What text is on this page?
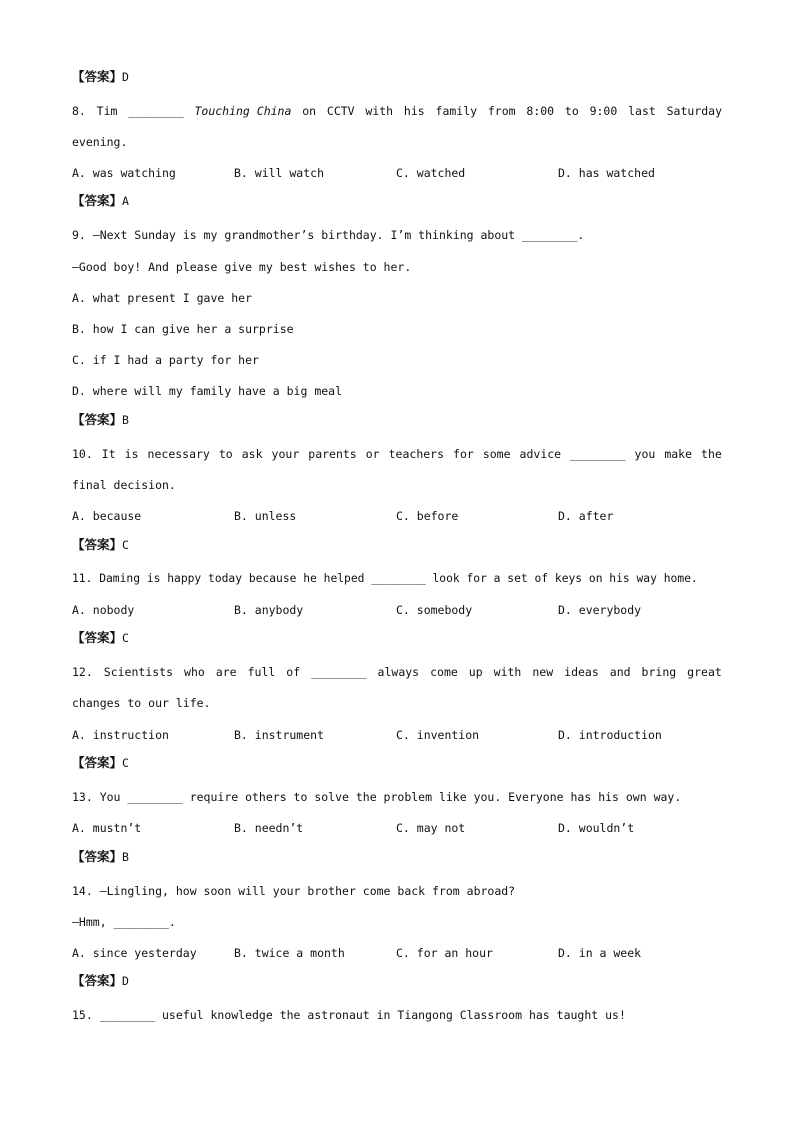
【答案】D
8. Tim ________ Touching China on CCTV with his family from 8:00 to 9:00 last Saturday
evening.
A. was watching	B. will watch	C. watched	D. has watched
【答案】A
9. —Next Sunday is my grandmother’s birthday. I’m thinking about ________.
—Good boy! And please give my best wishes to her.
A. what present I gave her
B. how I can give her a surprise
C. if I had a party for her
D. where will my family have a big meal
【答案】B
10. It is necessary to ask your parents or teachers for some advice ________ you make the
final decision.
A. because	B. unless	C. before	D. after
【答案】C
11. Daming is happy today because he helped ________ look for a set of keys on his way home.
A. nobody	B. anybody	C. somebody	D. everybody
【答案】C
12. Scientists who are full of ________ always come up with new ideas and bring great
changes to our life.
A. instruction	B. instrument	C. invention	D. introduction
【答案】C
13. You ________ require others to solve the problem like you. Everyone has his own way.
A. mustn’t	B. needn’t	C. may not	D. wouldn’t
【答案】B
14. —Lingling, how soon will your brother come back from abroad?
—Hmm, ________.
A. since yesterday	B. twice a month	C. for an hour	D. in a week
【答案】D
15. ________ useful knowledge the astronaut in Tiangong Classroom has taught us!
